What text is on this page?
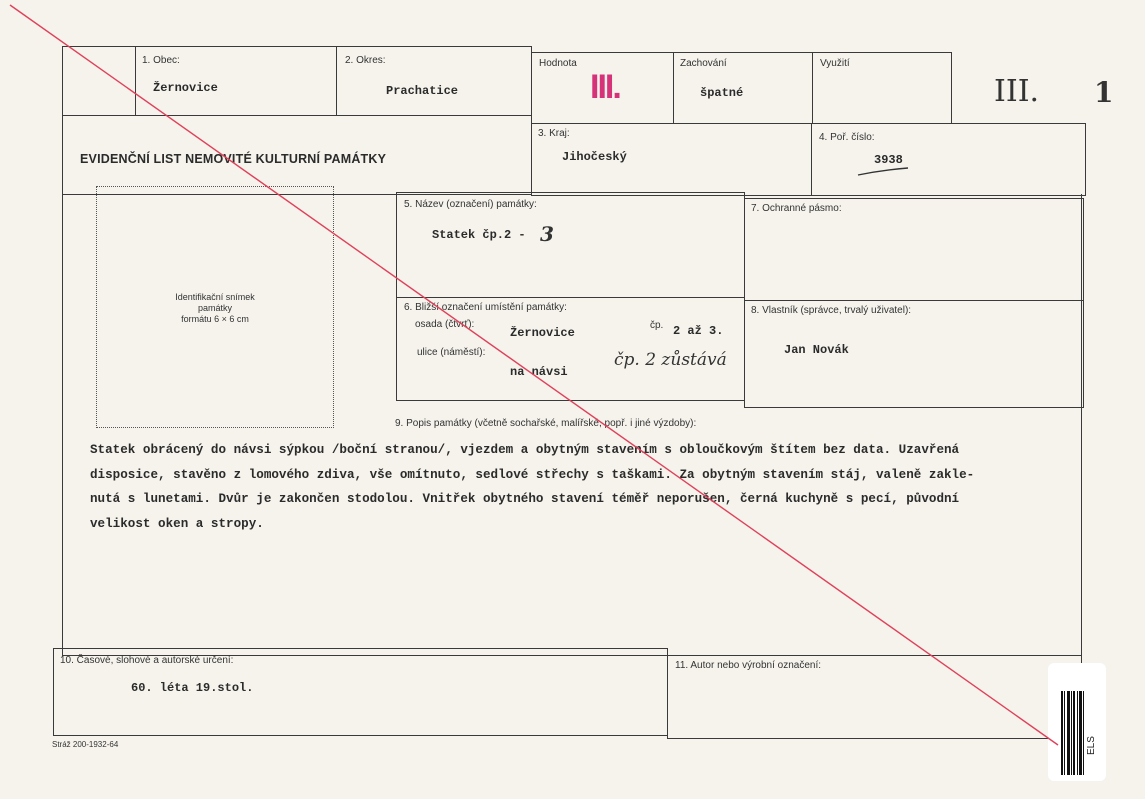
1. Obec:
Žernovice
2. Okres:
Prachatice
Hodnota
III.
Zachování
špatné
Využití
III. 1
EVIDENČNÍ LIST NEMOVITÉ KULTURNÍ PAMÁTKY
3. Kraj:
Jihočeský
4. Poř. číslo:
3938
Identifikační snímek
památky
formátu 6 × 6 cm
5. Název (označení) památky:
Statek čp.2 - 3
7. Ochranné pásmo:
6. Bližší označení umístění památky:
osada (čtvrť):
Žernovice
čp. 2 až 3.
ulice (náměstí):
na návsi
čp. 2 zůstává
8. Vlastník (správce, trvalý uživatel):
Jan Novák
9. Popis památky (včetně sochařské, malířské, popř. i jiné výzdoby):
Statek obrácený do návsi sýpkou /boční stranou/, vjezdem a obytným stavením s obloučkovým štítem bez data. Uzavřená
disposice, stavěno z lomového zdiva, vše omítnuto, sedlové střechy s taškami. Za obytným stavením stáj, valeně zakle-
nutá s lunetami. Dvůr je zakončen stodolou. Vnitřek obytného stavení téměř neporušen, černá kuchyně s pecí, původní
velikost oken a stropy.
10. Časové, slohové a autorské určení:
60. léta 19.stol.
11. Autor nebo výrobní označení:
Stráž 200-1932-64	ELS
